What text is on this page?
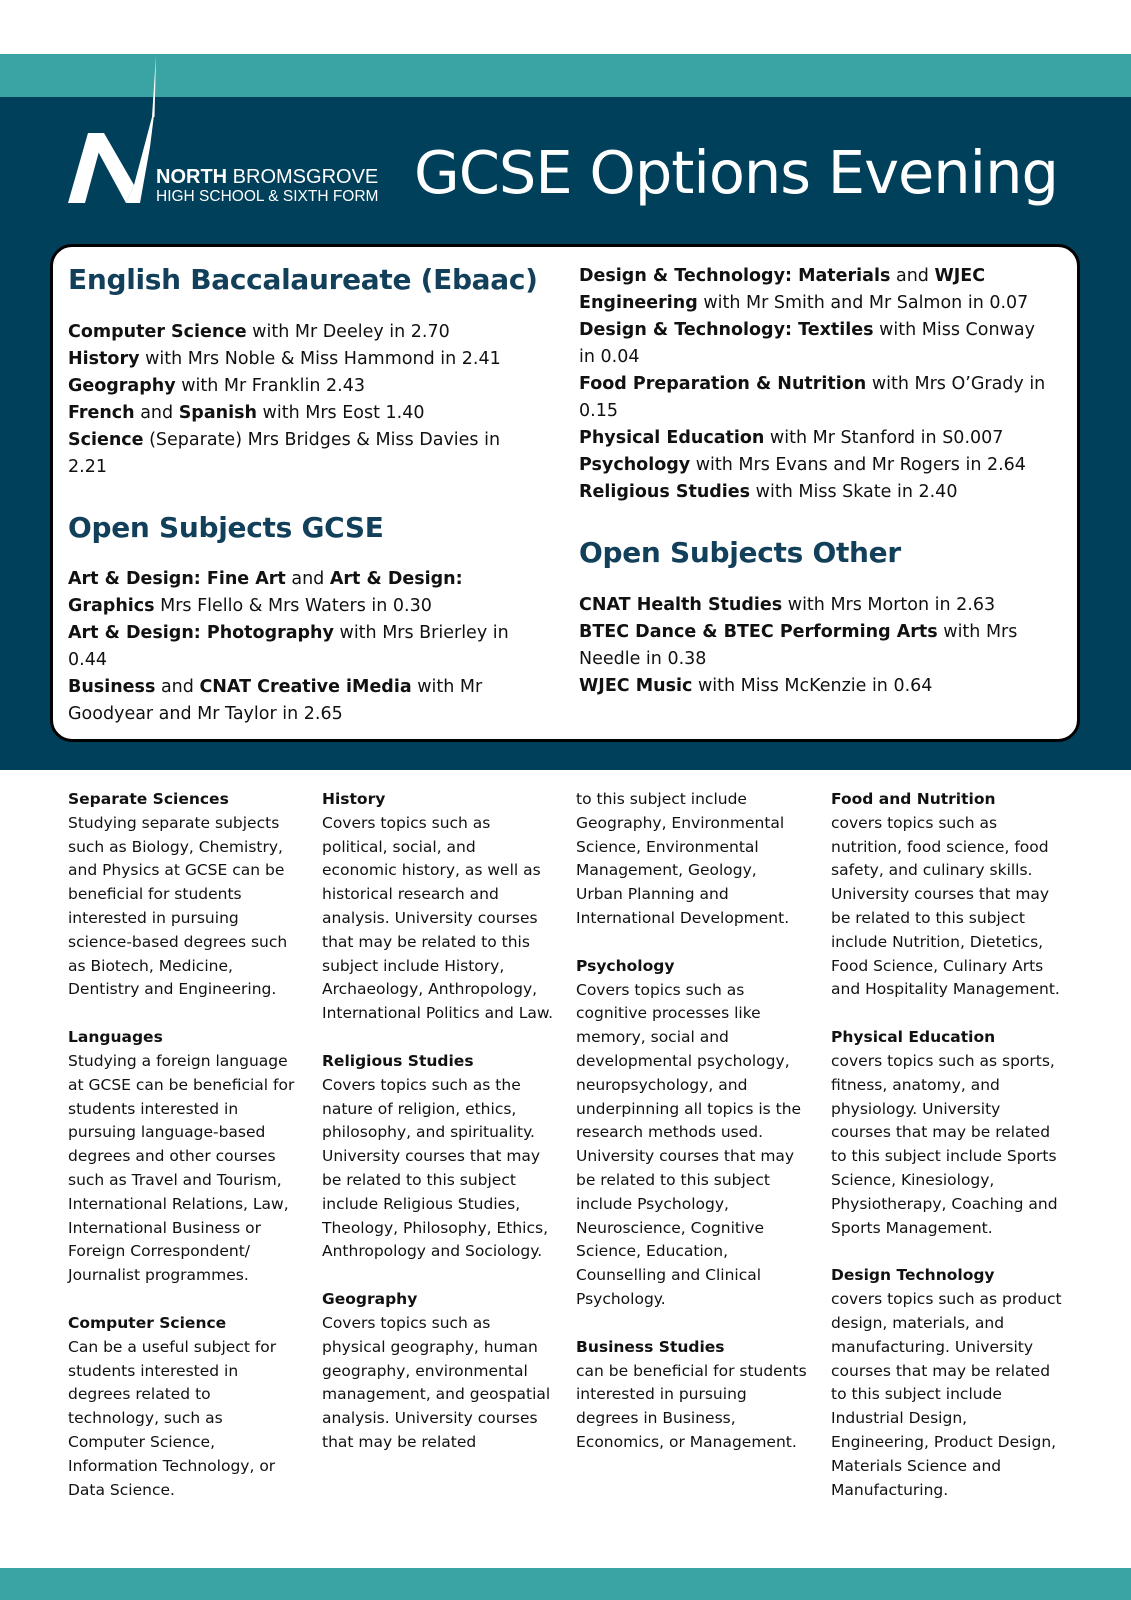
NORTH BROMSGROVE
HIGH SCHOOL & SIXTH FORM GCSE Options Evening
English Baccalaureate (Ebaac)

Computer Science with Mr Deeley in 2.70

History with Mrs Noble & Miss Hammond in 2.41

Geography with Mr Franklin 2.43

French and Spanish with Mrs Eost 1.40

Science (Separate) Mrs Bridges & Miss Davies in 2.21

Open Subjects GCSE

Art & Design: Fine Art and Art & Design: Graphics Mrs Flello & Mrs Waters in 0.30

Art & Design: Photography with Mrs Brierley in 0.44

Business and CNAT Creative iMedia with Mr Goodyear and Mr Taylor in 2.65

Design & Technology: Materials and WJEC Engineering with Mr Smith and Mr Salmon in 0.07

Design & Technology: Textiles with Miss Conway in 0.04

Food Preparation & Nutrition with Mrs O’Grady in 0.15

Physical Education with Mr Stanford in S0.007

Psychology with Mrs Evans and Mr Rogers in 2.64

Religious Studies with Miss Skate in 2.40

Open Subjects Other

CNAT Health Studies with Mrs Morton in 2.63

BTEC Dance & BTEC Performing Arts with Mrs Needle in 0.38

WJEC Music with Miss McKenzie in 0.64

Separate Sciences

Studying separate subjects such as Biology, Chemistry, and Physics at GCSE can be beneficial for students interested in pursuing science-based degrees such as Biotech, Medicine, Dentistry and Engineering.

Languages

Studying a foreign language at GCSE can be beneficial for students interested in pursuing language-based degrees and other courses such as Travel and Tourism, International Relations, Law, International Business or Foreign Correspondent/ Journalist programmes.

Computer Science

Can be a useful subject for students interested in degrees related to technology, such as Computer Science, Information Technology, or Data Science.

History

Covers topics such as political, social, and economic history, as well as historical research and analysis. University courses that may be related to this subject include History, Archaeology, Anthropology, International Politics and Law.

Religious Studies

Covers topics such as the nature of religion, ethics, philosophy, and spirituality. University courses that may be related to this subject include Religious Studies, Theology, Philosophy, Ethics, Anthropology and Sociology.

Geography

Covers topics such as physical geography, human geography, environmental management, and geospatial analysis. University courses that may be related

to this subject include Geography, Environmental Science, Environmental Management, Geology, Urban Planning and International Development.

Psychology

Covers topics such as cognitive processes like memory, social and developmental psychology, neuropsychology, and underpinning all topics is the research methods used. University courses that may be related to this subject include Psychology, Neuroscience, Cognitive Science, Education, Counselling and Clinical Psychology.

Business Studies

can be beneficial for students interested in pursuing degrees in Business, Economics, or Management.

Food and Nutrition

covers topics such as nutrition, food science, food safety, and culinary skills. University courses that may be related to this subject include Nutrition, Dietetics, Food Science, Culinary Arts and Hospitality Management.

Physical Education

covers topics such as sports, fitness, anatomy, and physiology. University courses that may be related to this subject include Sports Science, Kinesiology, Physiotherapy, Coaching and Sports Management.

Design Technology

covers topics such as product design, materials, and manufacturing. University courses that may be related to this subject include Industrial Design, Engineering, Product Design, Materials Science and Manufacturing.
